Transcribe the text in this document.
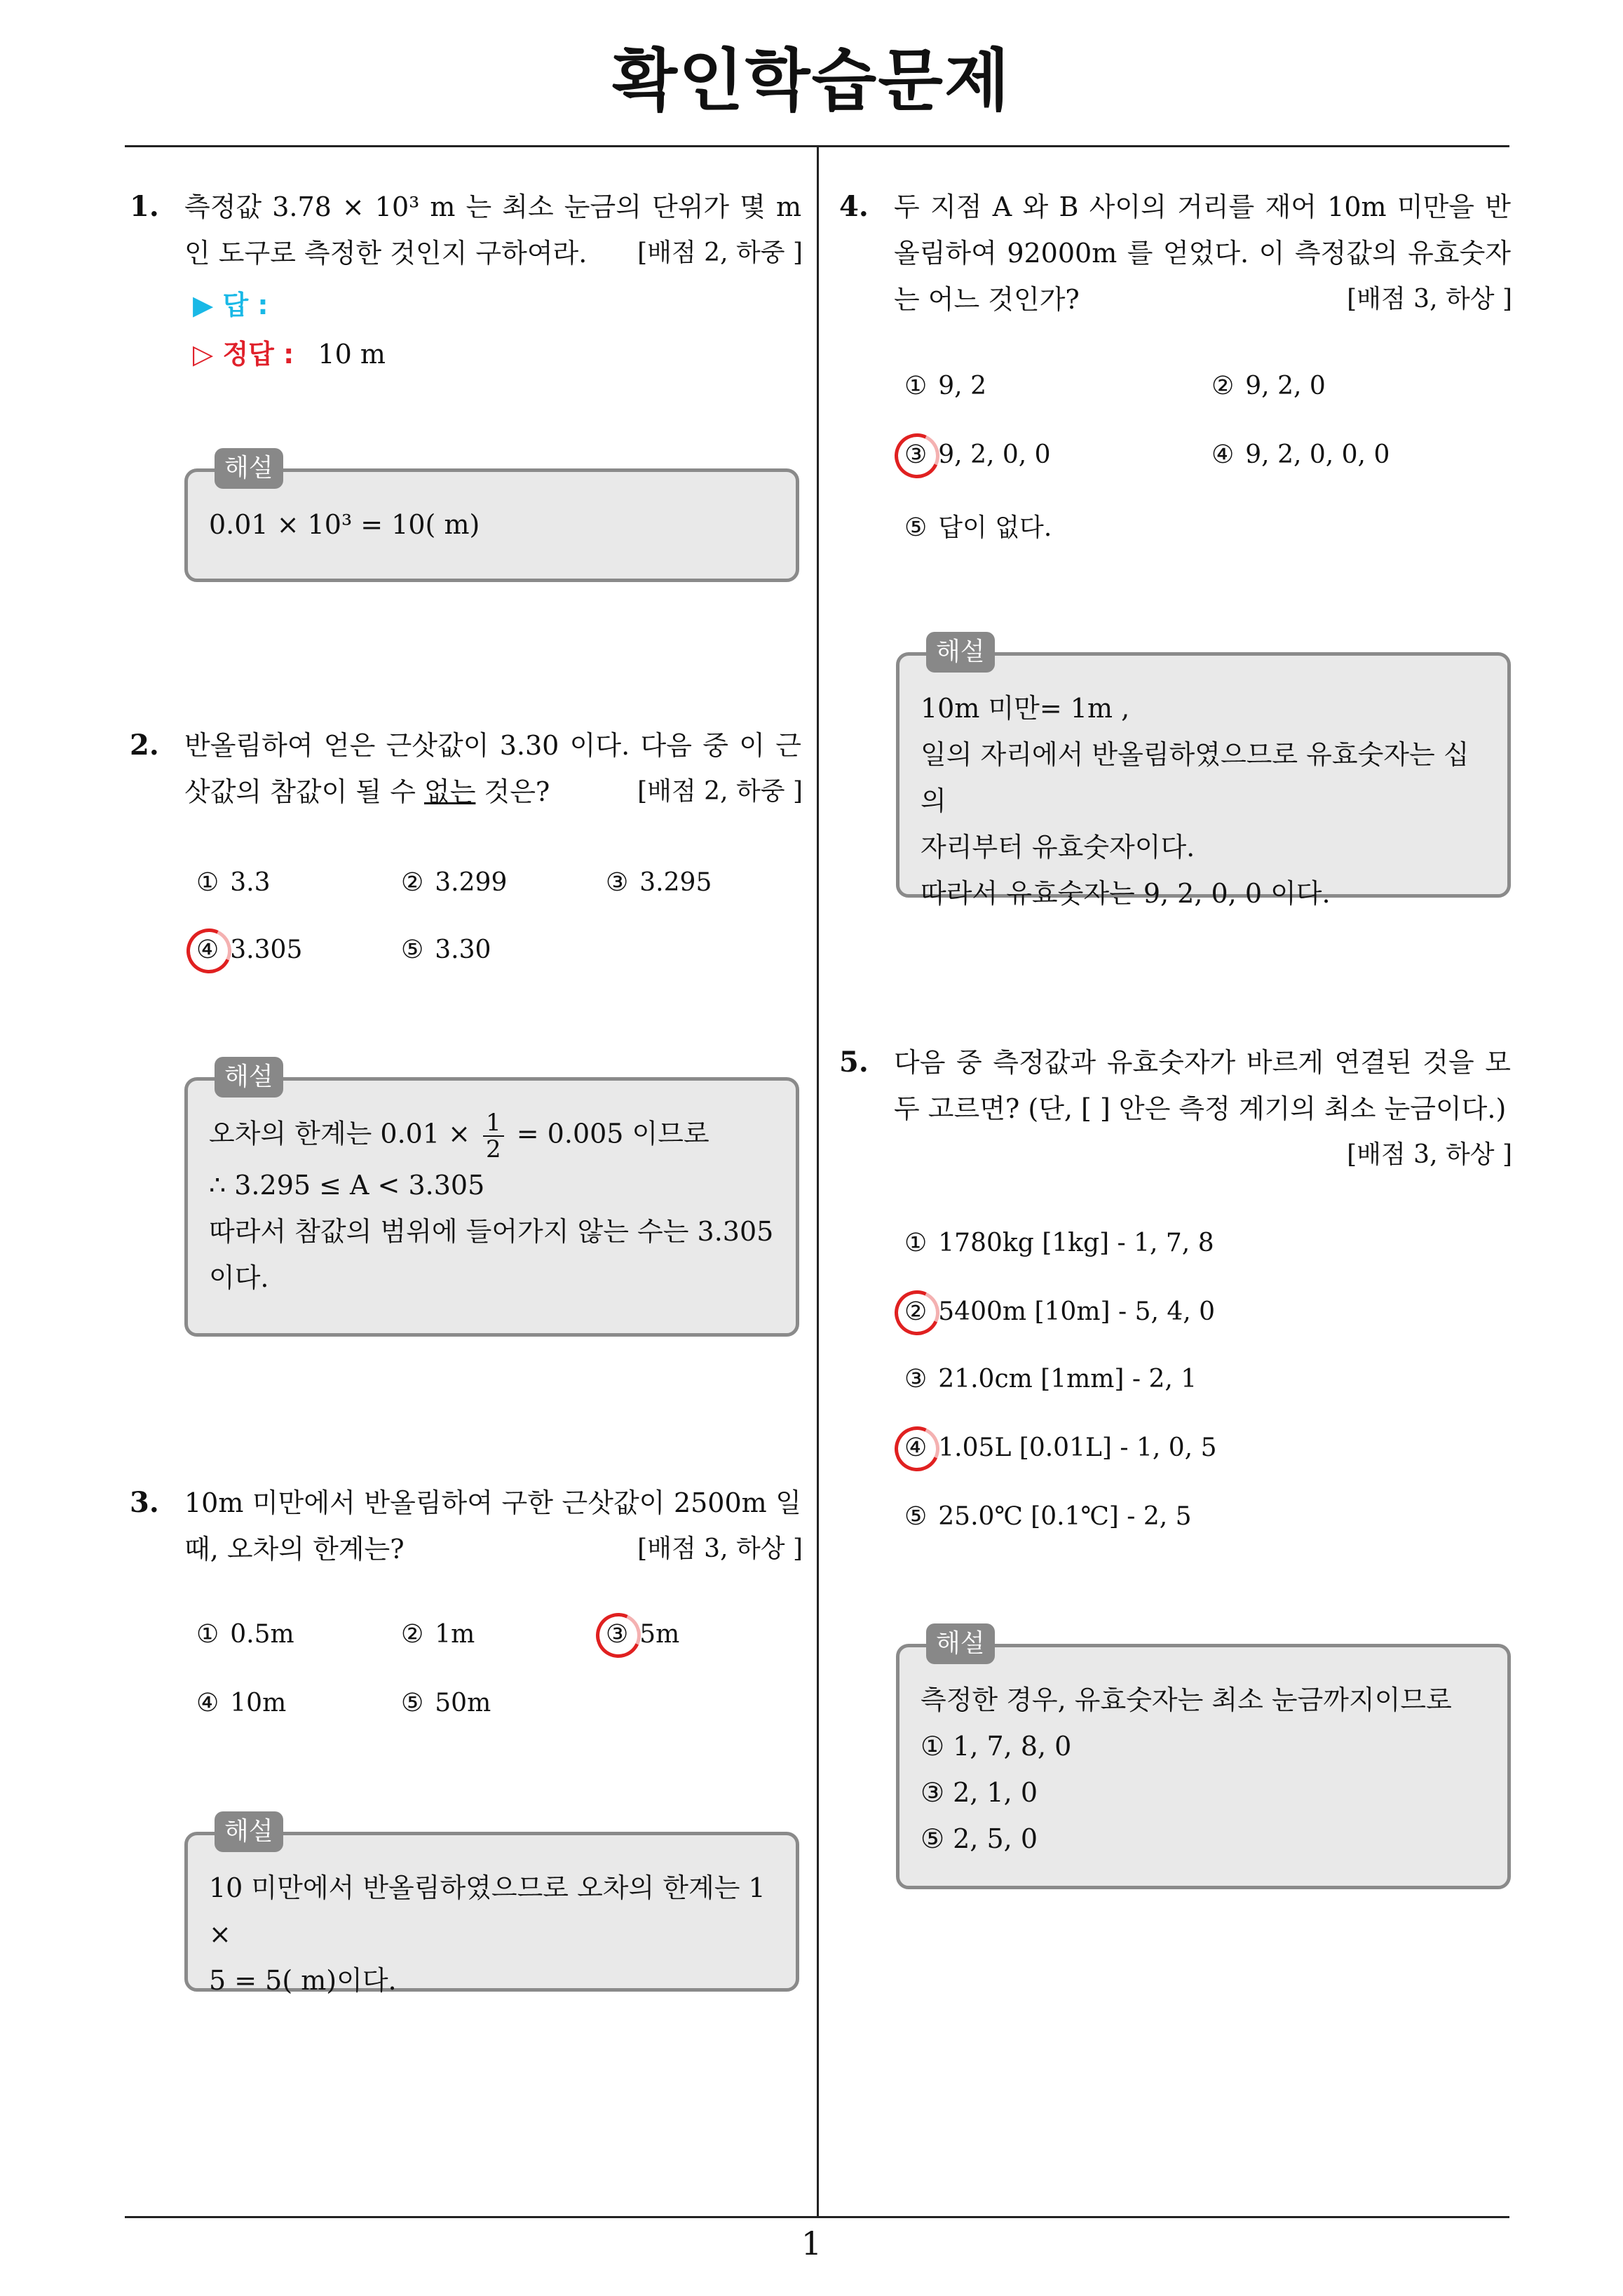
확인학습문제
1
1. 측정값 3.78 × 10³ m 는 최소 눈금의 단위가 몇 m 인 도구로 측정한 것인지 구하여라.	[배점 2, 하중 ]
▶ 답 :
▷ 정답 : 10 m
해설
0.01 × 10³ = 10( m)
2. 반올림하여 얻은 근삿값이 3.30 이다. 다음 중 이 근삿값의 참값이 될 수 없는 것은?	[배점 2, 하중 ]
① 3.3	② 3.299	③ 3.295
④ 3.305	⑤ 3.30
해설
오차의 한계는 $0.01 \times \frac{1}{2} = 0.005$ 이므로
∴ 3.295 ≤ A < 3.305
따라서 참값의 범위에 들어가지 않는 수는 3.305
이다.
3. 10m 미만에서 반올림하여 구한 근삿값이 2500m 일 때, 오차의 한계는?	[배점 3, 하상 ]
① 0.5m	② 1m	③ 5m
④ 10m	⑤ 50m
해설
10 미만에서 반올림하였으므로 오차의 한계는 1 ×
5 = 5( m)이다.
4. 두 지점 A 와 B 사이의 거리를 재어 10m 미만을 반올림하여 92000m 를 얻었다. 이 측정값의 유효숫자는 어느 것인가?	[배점 3, 하상 ]
① 9, 2	② 9, 2, 0
③ 9, 2, 0, 0	④ 9, 2, 0, 0, 0
⑤ 답이 없다.
해설
10m 미만= 1m ,
일의 자리에서 반올림하였으므로 유효숫자는 십의
자리부터 유효숫자이다.
따라서 유효숫자는 9, 2, 0, 0 이다.
5. 다음 중 측정값과 유효숫자가 바르게 연결된 것을 모두 고르면? (단, [ ] 안은 측정 계기의 최소 눈금이다.)
[배점 3, 하상 ]
① 1780kg [1kg] - 1, 7, 8
② 5400m [10m] - 5, 4, 0
③ 21.0cm [1mm] - 2, 1
④ 1.05L [0.01L] - 1, 0, 5
⑤ 25.0℃ [0.1℃] - 2, 5
해설
측정한 경우, 유효숫자는 최소 눈금까지이므로
① 1, 7, 8, 0
③ 2, 1, 0
⑤ 2, 5, 0
